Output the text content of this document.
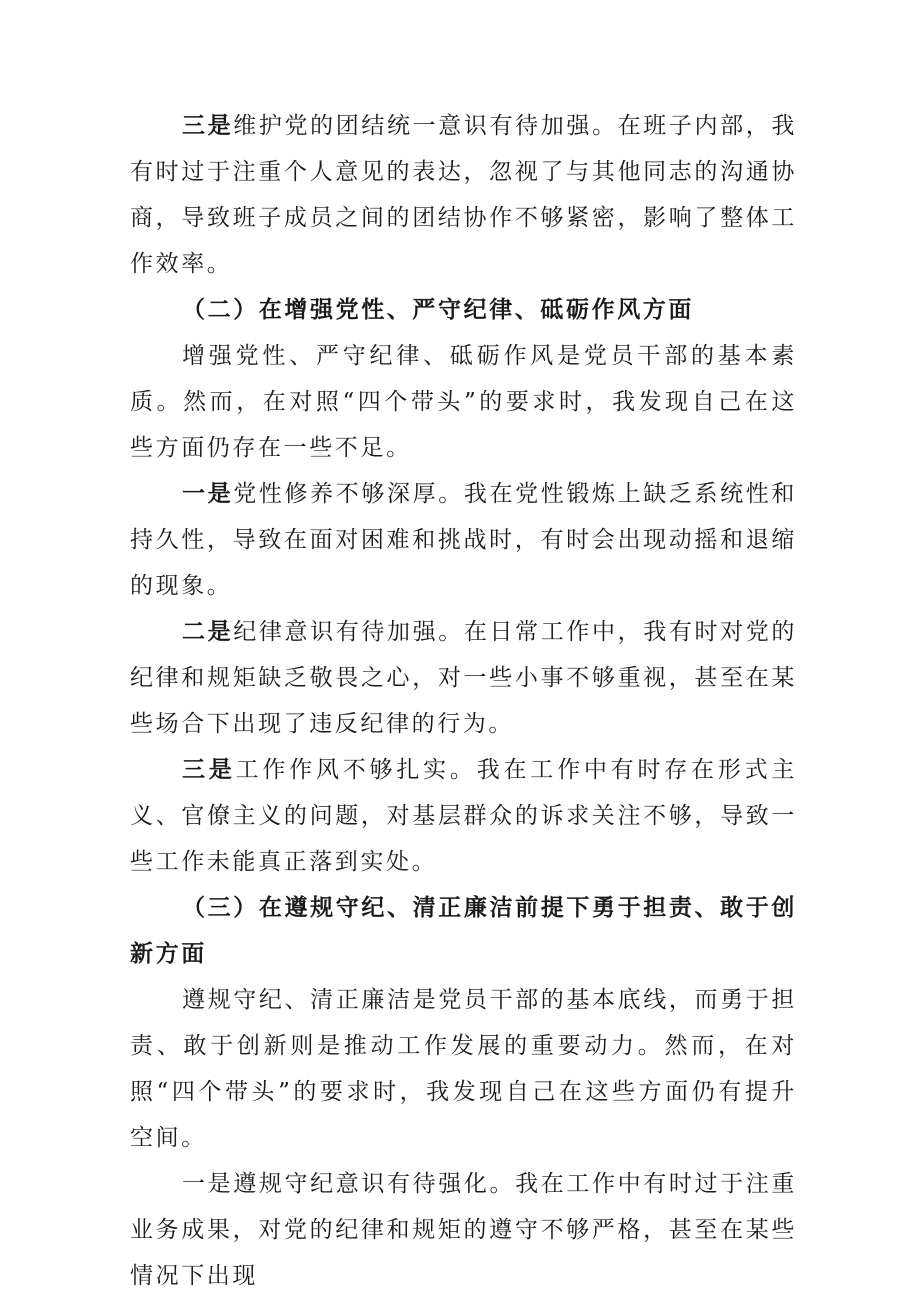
三是维护党的团结统一意识有待加强。在班子内部，我有时过于注重个人意见的表达，忽视了与其他同志的沟通协商，导致班子成员之间的团结协作不够紧密，影响了整体工作效率。

（二）在增强党性、严守纪律、砥砺作风方面

增强党性、严守纪律、砥砺作风是党员干部的基本素质。然而，在对照“四个带头”的要求时，我发现自己在这些方面仍存在一些不足。

一是党性修养不够深厚。我在党性锻炼上缺乏系统性和持久性，导致在面对困难和挑战时，有时会出现动摇和退缩的现象。

二是纪律意识有待加强。在日常工作中，我有时对党的纪律和规矩缺乏敬畏之心，对一些小事不够重视，甚至在某些场合下出现了违反纪律的行为。

三是工作作风不够扎实。我在工作中有时存在形式主义、官僚主义的问题，对基层群众的诉求关注不够，导致一些工作未能真正落到实处。

（三）在遵规守纪、清正廉洁前提下勇于担责、敢于创新方面

遵规守纪、清正廉洁是党员干部的基本底线，而勇于担责、敢于创新则是推动工作发展的重要动力。然而，在对照“四个带头”的要求时，我发现自己在这些方面仍有提升空间。

一是遵规守纪意识有待强化。我在工作中有时过于注重业务成果，对党的纪律和规矩的遵守不够严格，甚至在某些情况下出现
